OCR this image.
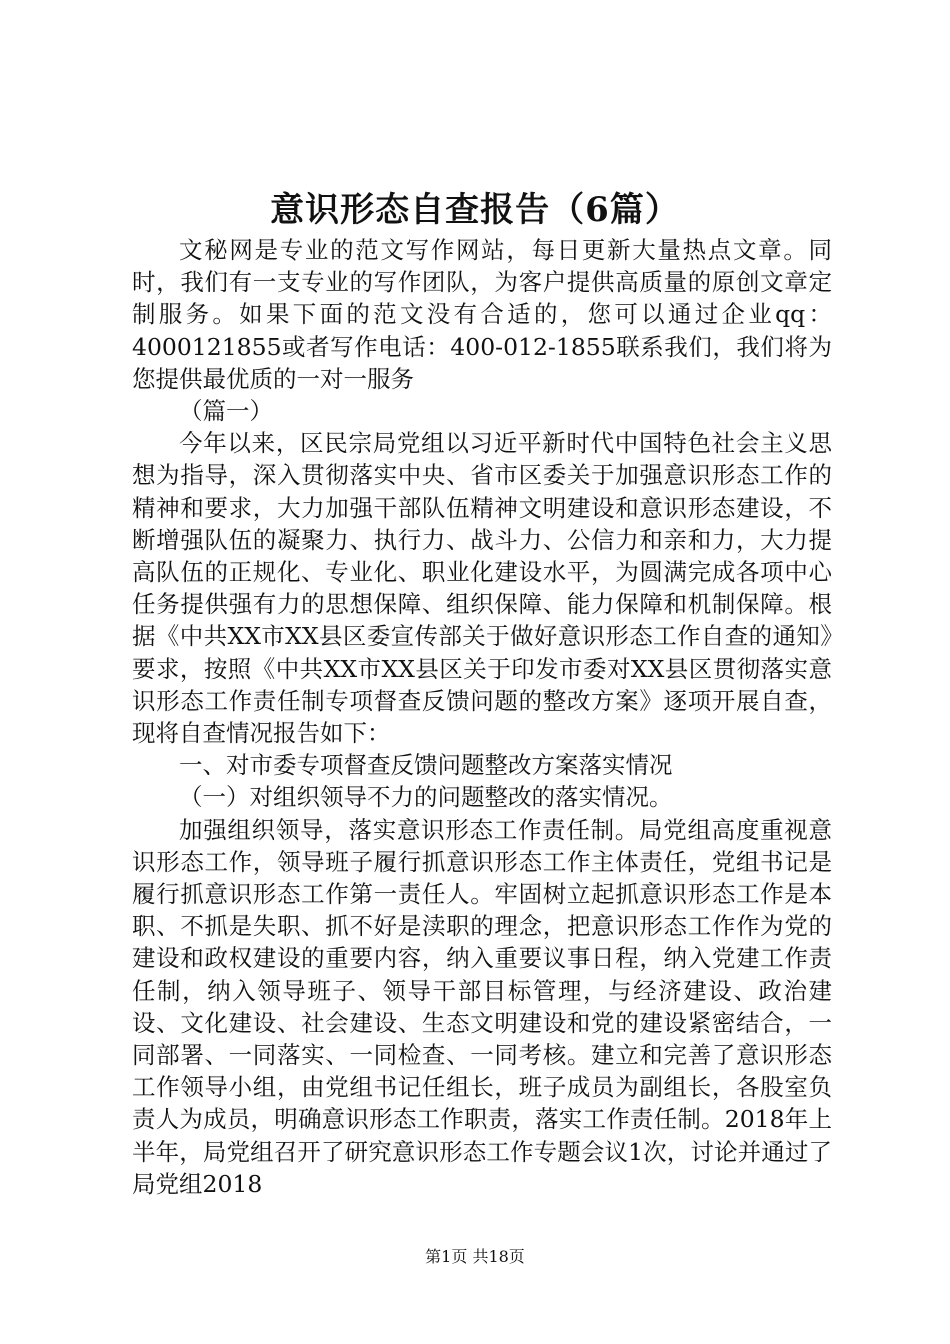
意识形态自查报告（6篇）

文秘网是专业的范文写作网站，每日更新大量热点文章。同时，我们有一支专业的写作团队，为客户提供高质量的原创文章定制服务。如果下面的范文没有合适的，您可以通过企业qq：4000121855或者写作电话：400-012-1855联系我们，我们将为您提供最优质的一对一服务

（篇一）

今年以来，区民宗局党组以习近平新时代中国特色社会主义思想为指导，深入贯彻落实中央、省市区委关于加强意识形态工作的精神和要求，大力加强干部队伍精神文明建设和意识形态建设，不断增强队伍的凝聚力、执行力、战斗力、公信力和亲和力，大力提高队伍的正规化、专业化、职业化建设水平，为圆满完成各项中心任务提供强有力的思想保障、组织保障、能力保障和机制保障。根据《中共XX市XX县区委宣传部关于做好意识形态工作自查的通知》要求，按照《中共XX市XX县区关于印发市委对XX县区贯彻落实意识形态工作责任制专项督查反馈问题的整改方案》逐项开展自查，现将自查情况报告如下：

一、对市委专项督查反馈问题整改方案落实情况

（一）对组织领导不力的问题整改的落实情况。

加强组织领导，落实意识形态工作责任制。局党组高度重视意识形态工作，领导班子履行抓意识形态工作主体责任，党组书记是履行抓意识形态工作第一责任人。牢固树立起抓意识形态工作是本职、不抓是失职、抓不好是渎职的理念，把意识形态工作作为党的建设和政权建设的重要内容，纳入重要议事日程，纳入党建工作责任制，纳入领导班子、领导干部目标管理，与经济建设、政治建设、文化建设、社会建设、生态文明建设和党的建设紧密结合，一同部署、一同落实、一同检查、一同考核。建立和完善了意识形态工作领导小组，由党组书记任组长，班子成员为副组长，各股室负责人为成员，明确意识形态工作职责，落实工作责任制。2018年上半年，局党组召开了研究意识形态工作专题会议1次，讨论并通过了局党组2018

第1页 共18页
